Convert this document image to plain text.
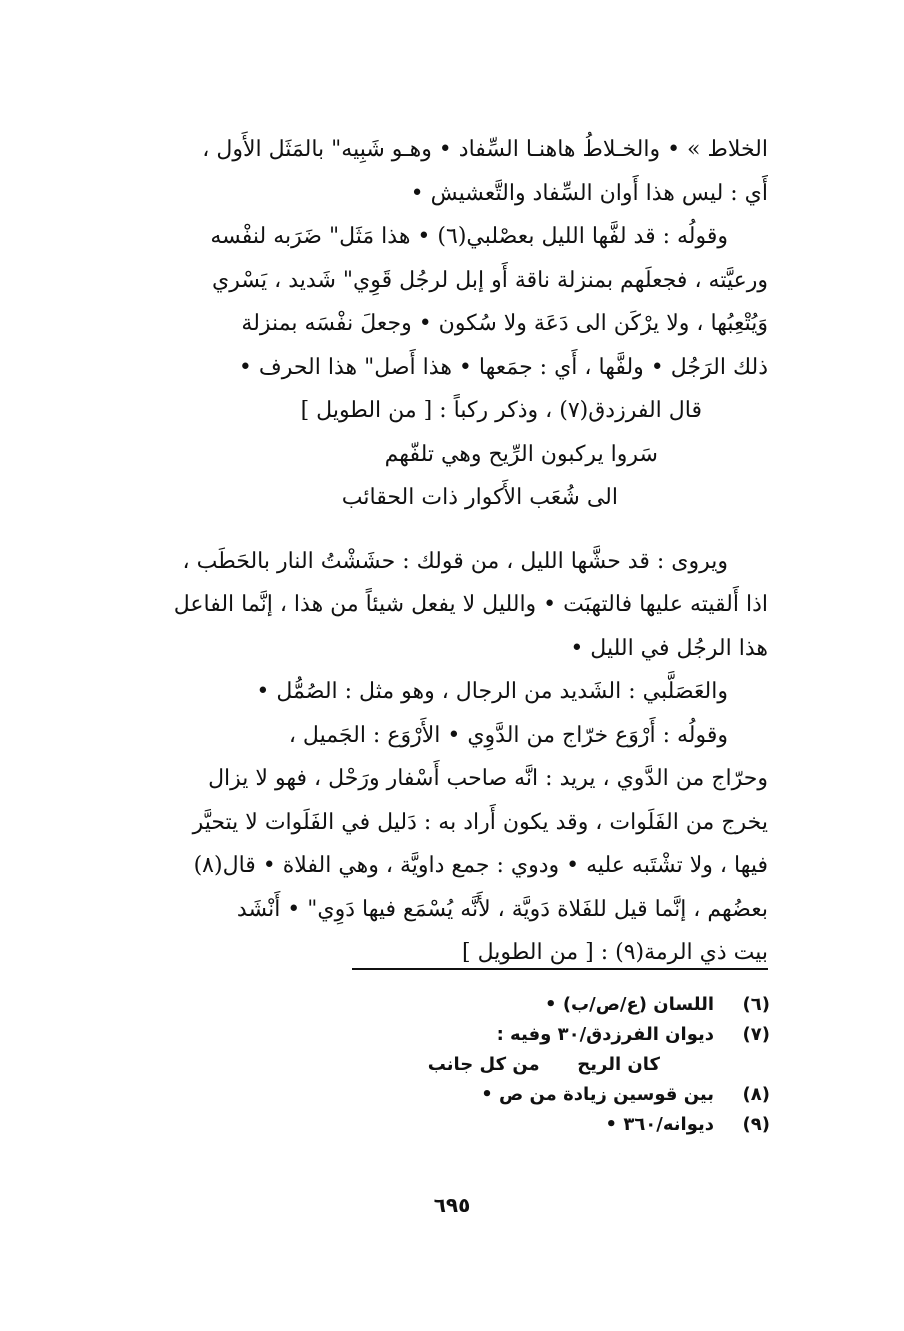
الخلاط » • والخـلاطُ هاهنـا السِّفاد • وهـو شَبِيه" بالمَثَل الأَول ،
أَي : ليس هذا أَوان السِّفاد والتَّعشيش •
وقولُه : قد لفَّها الليل بعصْلبي(٦) • هذا مَثَل" ضَرَبه لنفْسه
ورعيَّته ، فجعلَهم بمنزلة ناقة أَو إبل لرجُل قَوِي" شَديد ، يَسْري
وَيُتْعِبُها ، ولا يرْكَن الى دَعَة ولا سُكون • وجعلَ نفْسَه بمنزلة
ذلك الرَجُل • ولفَّها ، أَي : جمَعها • هذا أَصل" هذا الحرف •
قال الفرزدق(٧) ، وذكر ركباً : [ من الطويل ]
سَروا يركبون الرِّيح وهي تلفّهم
الى شُعَب الأَكوار ذات الحقائب
ويروى : قد حشَّها الليل ، من قولك : حشَشْتُ النار بالحَطَب ،
اذا أَلقيته عليها فالتهبَت • والليل لا يفعل شيئاً من هذا ، إنَّما الفاعل
هذا الرجُل في الليل •
والعَصَلَّبي : الشَديد من الرجال ، وهو مثل : الصُمُّل •
وقولُه : أَرْوَع خرّاج من الدَّوِي • الأَرْوَع : الجَميل ،
وحرّاج من الدَّوي ، يريد : انَّه صاحب أَسْفار ورَحْل ، فهو لا يزال
يخرج من الفَلَوات ، وقد يكون أَراد به : دَليل في الفَلَوات لا يتحيَّر
فيها ، ولا تشْتَبه عليه • ودوي : جمع داويَّة ، وهي الفلاة • قال(٨)
بعضُهم ، إنَّما قيل للفَلاة دَويَّة ، لأَنَّه يُسْمَع فيها دَوِي" • أَنْشَد
بيت ذي الرمة(٩) : [ من الطويل ]
(٦)
اللسان (ع/ص/ب) •
(٧)
ديوان الفرزدق/٣٠ وفيه :
كان الريح      من كل جانب
(٨)
بين قوسين زيادة من ص •
(٩)
ديوانه/٣٦٠ •
٦٩٥
